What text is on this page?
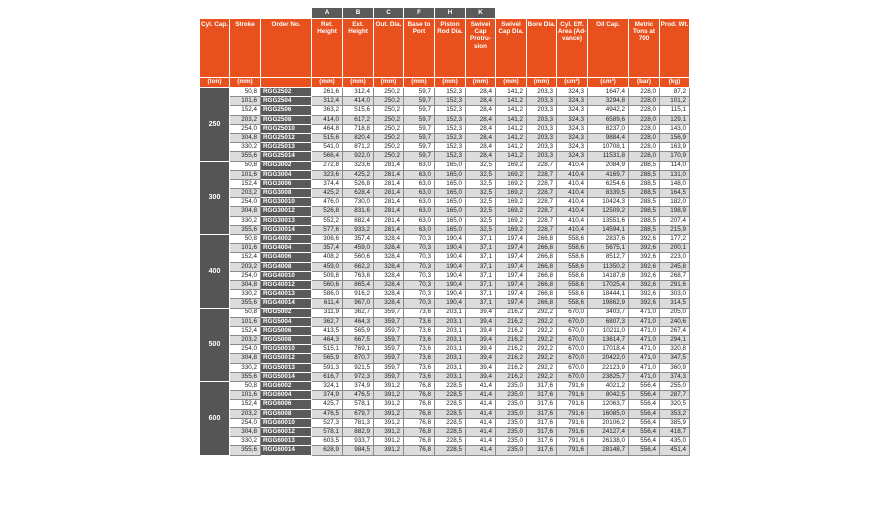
			A	B	C	F	H	K						
Cyl. Cap.	Stroke	Order No.	Ret. Height	Ext. Height	Out. Dia.	Base to Port	Piston Rod Dia.	Swivel Cap Protru-sion	Swivel Cap Dia.	Bore Dia.	Cyl. Eff. Area (Ad-vance)	Oil Cap.	Metric Tons at 700	Prod. Wt.
(ton)	(mm)		(mm)	(mm)	(mm)	(mm)	(mm)	(mm)	(mm)	(mm)	(cm²)	(cm³)	(bar)	(kg)
250	50,8	RGG2502	261,6	312,4	250,2	59,7	152,3	28,4	141,2	203,3	324,3	1647,4	228,0	87,2
	101,6	RGG2504	312,4	414,0	250,2	59,7	152,3	28,4	141,2	203,3	324,3	3294,8	228,0	101,2
	152,4	RGG2506	363,2	515,6	250,2	59,7	152,3	28,4	141,2	203,3	324,3	4942,2	228,0	115,1
	203,2	RGG2508	414,0	617,2	250,2	59,7	152,3	28,4	141,2	203,3	324,3	6589,6	228,0	129,1
	254,0	RGG25010	464,8	718,8	250,2	59,7	152,3	28,4	141,2	203,3	324,3	8237,0	228,0	143,0
	304,8	RGG25012	515,6	820,4	250,2	59,7	152,3	28,4	141,2	203,3	324,3	9884,4	228,0	156,9
	330,2	RGG25013	541,0	871,2	250,2	59,7	152,3	28,4	141,2	203,3	324,3	10708,1	228,0	163,9
	355,6	RGG25014	566,4	922,0	250,2	59,7	152,3	28,4	141,2	203,3	324,3	11531,8	228,0	170,9
300	50,8	RGG3002	272,8	323,6	281,4	63,0	165,0	32,5	169,2	228,7	410,4	2084,9	288,5	114,0
	101,6	RGG3004	323,6	425,2	281,4	63,0	165,0	32,5	169,2	228,7	410,4	4169,7	288,5	131,0
	152,4	RGG3006	374,4	526,8	281,4	63,0	165,0	32,5	169,2	228,7	410,4	6254,6	288,5	148,0
	203,2	RGG3008	425,2	628,4	281,4	63,0	165,0	32,5	169,2	228,7	410,4	8339,5	288,5	164,5
	254,0	RGG30010	476,0	730,0	281,4	63,0	165,0	32,5	169,2	228,7	410,4	10424,3	288,5	182,0
	304,8	RGG30012	526,8	831,6	281,4	63,0	165,0	32,5	169,2	228,7	410,4	12509,2	288,5	198,9
	330,2	RGG30013	552,2	882,4	281,4	63,0	165,0	32,5	169,2	228,7	410,4	13551,6	288,5	207,4
	355,6	RGG30014	577,6	933,2	281,4	63,0	165,0	32,5	169,2	228,7	410,4	14594,1	288,5	215,9
400	50,8	RGG4002	306,6	357,4	328,4	70,3	190,4	37,1	197,4	266,8	558,6	2837,6	392,6	177,2
	101,6	RGG4004	357,4	459,0	328,4	70,3	190,4	37,1	197,4	266,8	558,6	5675,1	392,6	200,1
	152,4	RGG4006	408,2	560,6	328,4	70,3	190,4	37,1	197,4	266,8	558,6	8512,7	392,6	223,0
	203,2	RGG4008	459,0	662,2	328,4	70,3	190,4	37,1	197,4	266,8	558,6	11350,2	392,6	245,8
	254,0	RGG40010	509,8	763,8	328,4	70,3	190,4	37,1	197,4	266,8	558,6	14187,8	392,6	268,7
	304,8	RGG40012	560,6	865,4	328,4	70,3	190,4	37,1	197,4	266,8	558,6	17025,4	392,6	291,6
	330,2	RGG40013	586,0	916,2	328,4	70,3	190,4	37,1	197,4	266,8	558,6	18444,1	392,6	303,0
	355,6	RGG40014	611,4	967,0	328,4	70,3	190,4	37,1	197,4	266,8	558,6	19862,9	392,6	314,5
500	50,8	RGG5002	311,9	362,7	359,7	73,6	203,1	39,4	216,2	292,2	670,0	3403,7	471,0	205,0
	101,6	RGG5004	362,7	464,3	359,7	73,6	203,1	39,4	216,2	292,2	670,0	6807,3	471,0	240,6
	152,4	RGG5006	413,5	565,9	359,7	73,6	203,1	39,4	216,2	292,2	670,0	10211,0	471,0	267,4
	203,2	RGG5008	464,3	667,5	359,7	73,6	203,1	39,4	216,2	292,2	670,0	13614,7	471,0	294,1
	254,0	RGG50010	515,1	769,1	359,7	73,6	203,1	39,4	216,2	292,2	670,0	17018,4	471,0	320,8
	304,8	RGG50012	565,9	870,7	359,7	73,6	203,1	39,4	216,2	292,2	670,0	20422,0	471,0	347,5
	330,2	RGG50013	591,3	921,5	359,7	73,6	203,1	39,4	216,2	292,2	670,0	22123,9	471,0	360,9
	355,6	RGG50014	616,7	972,3	359,7	73,6	203,1	39,4	216,2	292,2	670,0	23825,7	471,0	374,3
600	50,8	RGG6002	324,1	374,9	391,2	76,8	228,5	41,4	235,0	317,6	791,6	4021,2	556,4	255,0
	101,6	RGG6004	374,9	476,5	391,2	76,8	228,5	41,4	235,0	317,6	791,6	8042,5	556,4	287,7
	152,4	RGG6006	425,7	578,1	391,2	76,8	228,5	41,4	235,0	317,6	791,6	12063,7	556,4	320,5
	203,2	RGG6008	476,5	679,7	391,2	76,8	228,5	41,4	235,0	317,6	791,6	16085,0	556,4	353,2
	254,0	RGG60010	527,3	781,3	391,2	76,8	228,5	41,4	235,0	317,6	791,6	20106,2	556,4	385,9
	304,8	RGG60012	578,1	882,9	391,2	76,8	228,5	41,4	235,0	317,6	791,6	24127,4	556,4	418,7
	330,2	RGG60013	603,5	933,7	391,2	76,8	228,5	41,4	235,0	317,6	791,6	26138,0	556,4	435,0
	355,6	RGG60014	628,9	984,5	391,2	76,8	228,5	41,4	235,0	317,6	791,6	28148,7	556,4	451,4
